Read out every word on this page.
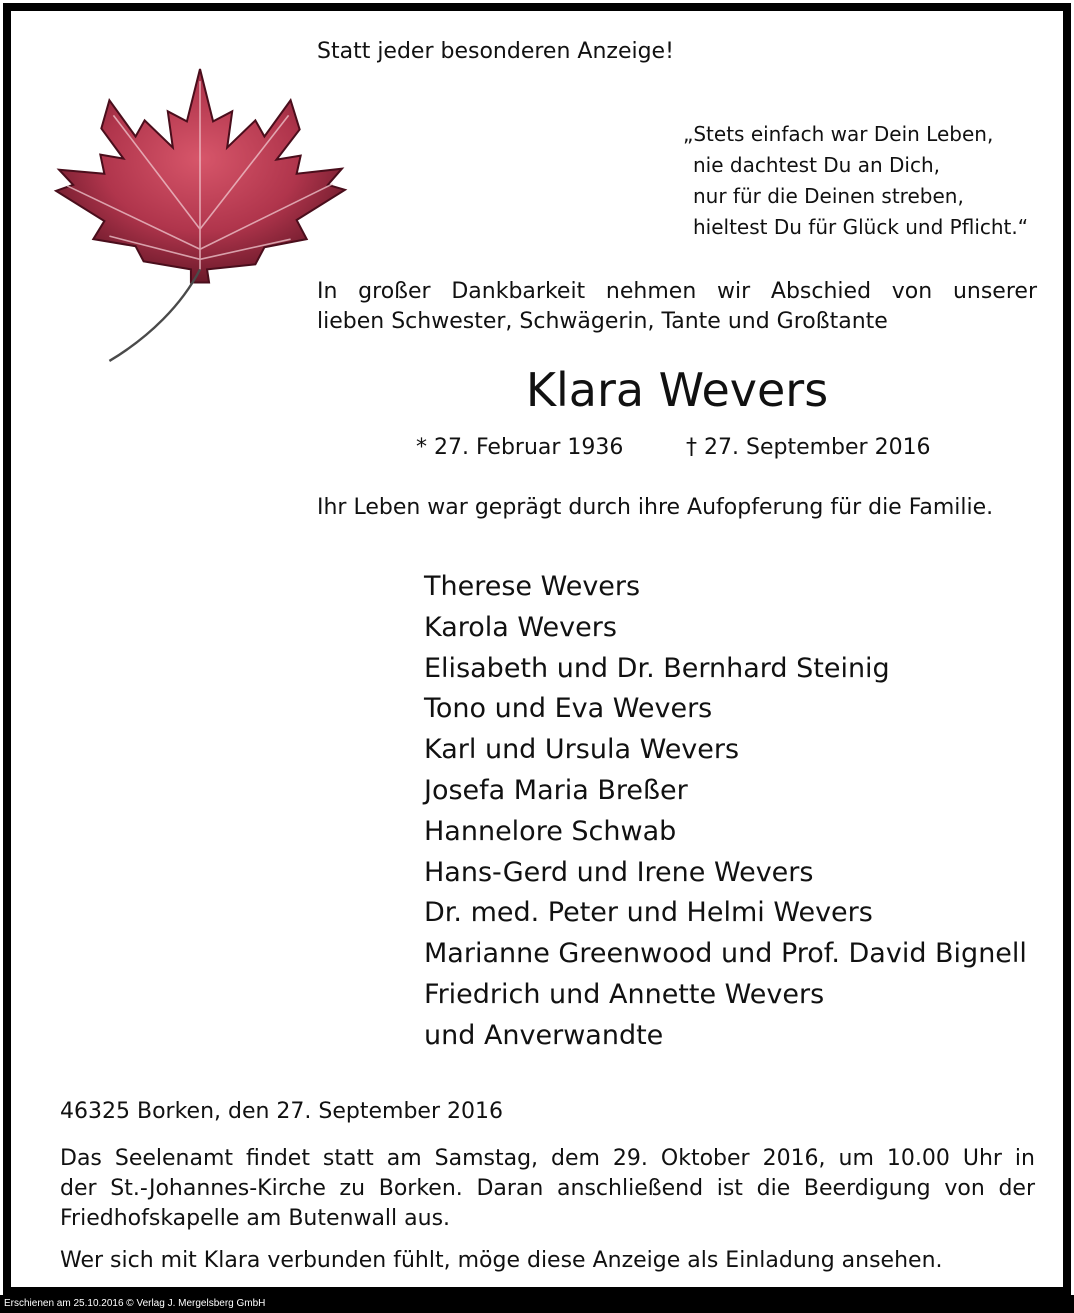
Statt jeder besonderen Anzeige!

„Stets einfach war Dein Leben,
nie dachtest Du an Dich,
nur für die Deinen streben,
hieltest Du für Glück und Pflicht.“
In großer Dankbarkeit nehmen wir Abschied von unserer
lieben Schwester, Schwägerin, Tante und Großtante
Klara Wevers

* 27. Februar 1936	† 27. September 2016

Ihr Leben war geprägt durch ihre Aufopferung für die Familie.

Therese Wevers
Karola Wevers
Elisabeth und Dr. Bernhard Steinig
Tono und Eva Wevers
Karl und Ursula Wevers
Josefa Maria Breßer
Hannelore Schwab
Hans-Gerd und Irene Wevers
Dr. med. Peter und Helmi Wevers
Marianne Greenwood und Prof. David Bignell
Friedrich und Annette Wevers
und Anverwandte

46325 Borken, den 27. September 2016

Das Seelenamt findet statt am Samstag, dem 29. Oktober 2016, um 10.00 Uhr in
der St.-Johannes-Kirche zu Borken. Daran anschließend ist die Beerdigung von der
Friedhofskapelle am Butenwall aus.

Wer sich mit Klara verbunden fühlt, möge diese Anzeige als Einladung ansehen.

Erschienen am 25.10.2016 © Verlag J. Mergelsberg GmbH
